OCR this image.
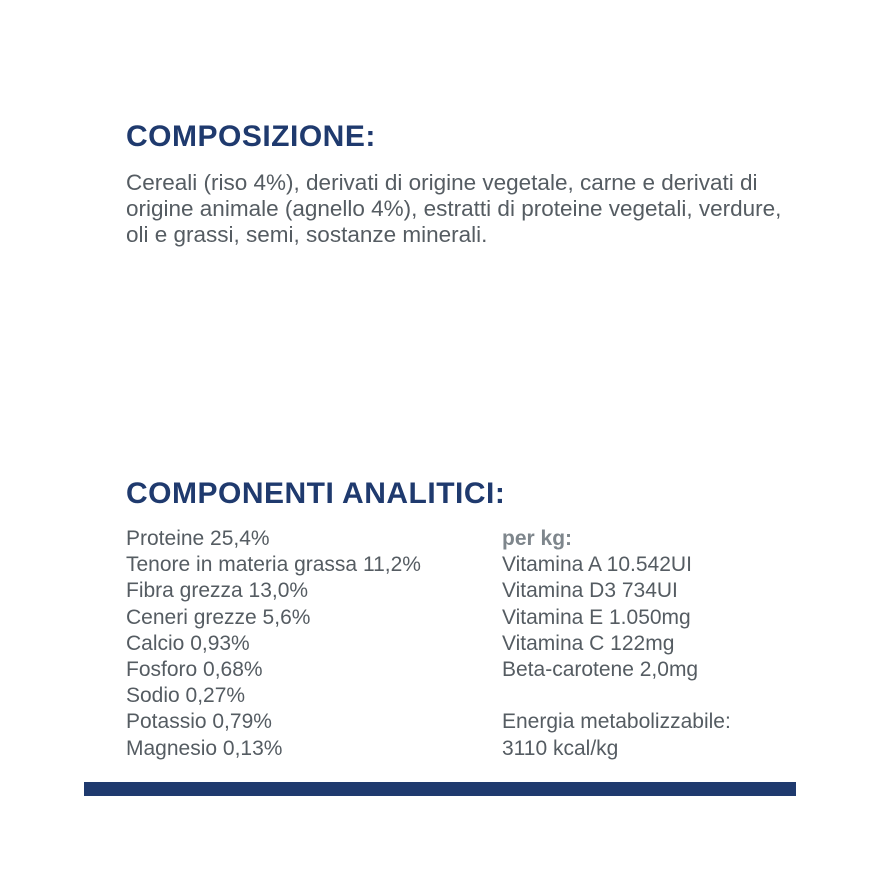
COMPOSIZIONE:

Cereali (riso 4%), derivati di origine vegetale, carne e derivati di origine animale (agnello 4%), estratti di proteine vegetali, verdure, oli e grassi, semi, sostanze minerali.

COMPONENTI ANALITICI:
Proteine 25,4%
Tenore in materia grassa 11,2%
Fibra grezza 13,0%
Ceneri grezze 5,6%
Calcio 0,93%
Fosforo 0,68%
Sodio 0,27%
Potassio 0,79%
Magnesio 0,13%
per kg:
Vitamina A 10.542UI
Vitamina D3 734UI
Vitamina E 1.050mg
Vitamina C 122mg
Beta-carotene 2,0mg
Energia metabolizzabile:
3110 kcal/kg
